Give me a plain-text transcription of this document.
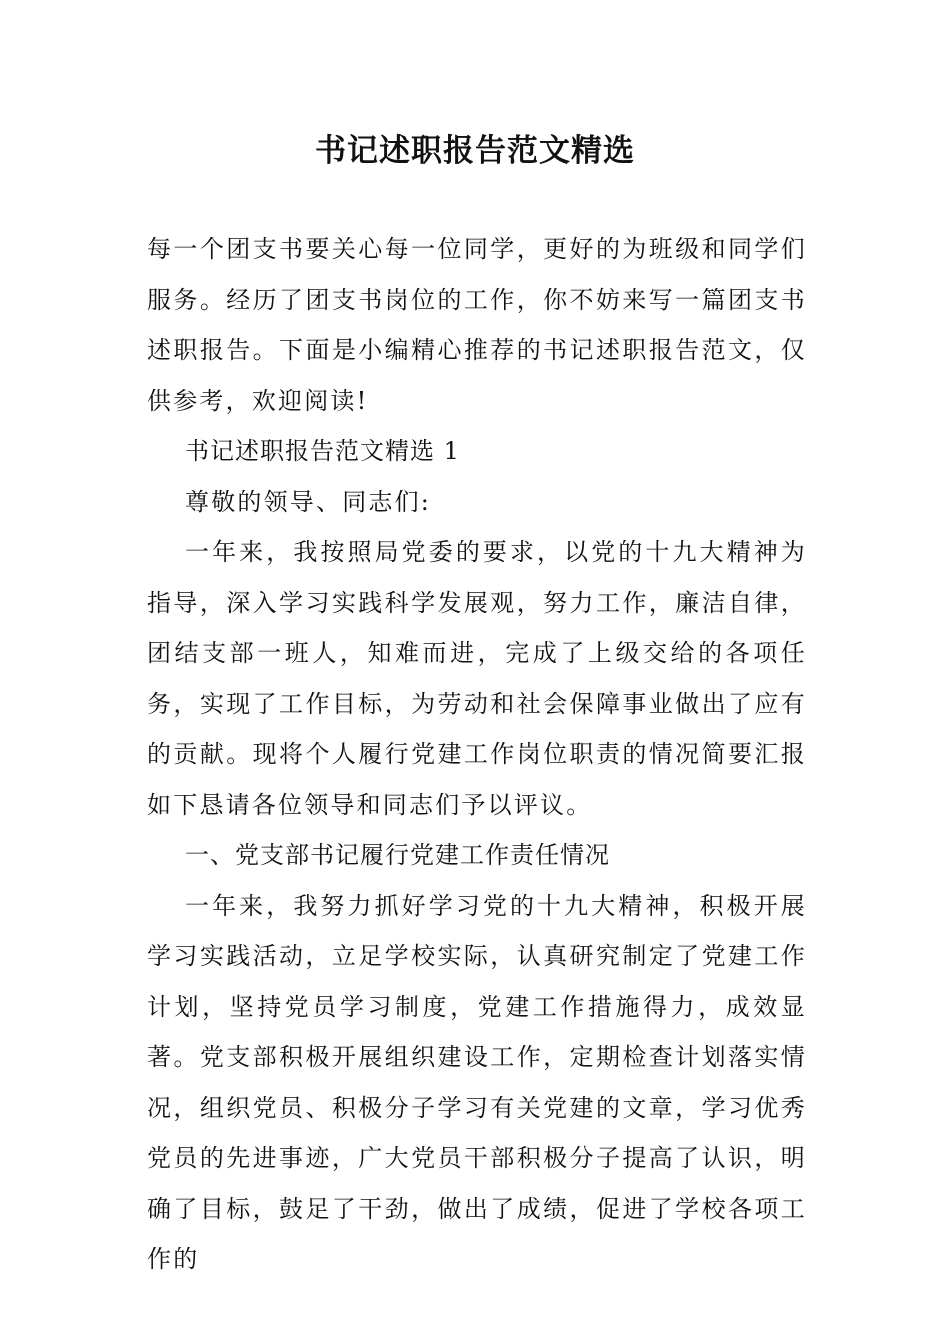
书记述职报告范文精选

每一个团支书要关心每一位同学，更好的为班级和同学们服务。经历了团支书岗位的工作，你不妨来写一篇团支书述职报告。下面是小编精心推荐的书记述职报告范文，仅供参考，欢迎阅读!

书记述职报告范文精选 1

尊敬的领导、同志们:

一年来，我按照局党委的要求，以党的十九大精神为指导，深入学习实践科学发展观，努力工作，廉洁自律，团结支部一班人，知难而进，完成了上级交给的各项任务，实现了工作目标，为劳动和社会保障事业做出了应有的贡献。现将个人履行党建工作岗位职责的情况简要汇报如下恳请各位领导和同志们予以评议。

一、党支部书记履行党建工作责任情况

一年来，我努力抓好学习党的十九大精神，积极开展学习实践活动，立足学校实际，认真研究制定了党建工作计划，坚持党员学习制度，党建工作措施得力，成效显著。党支部积极开展组织建设工作，定期检查计划落实情况，组织党员、积极分子学习有关党建的文章，学习优秀党员的先进事迹，广大党员干部积极分子提高了认识，明确了目标，鼓足了干劲，做出了成绩，促进了学校各项工作的
